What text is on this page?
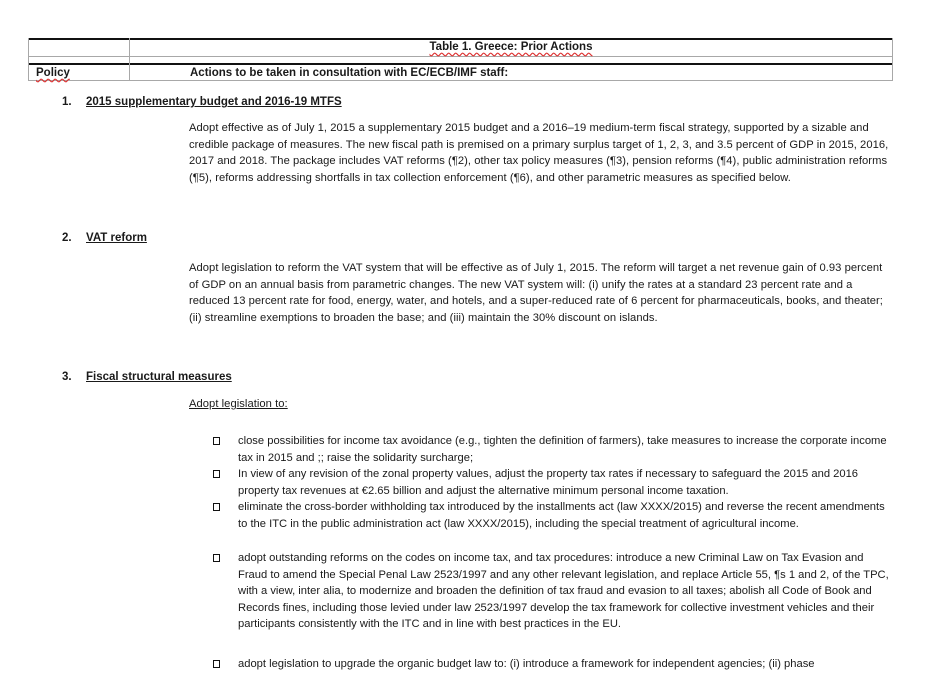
Table 1. Greece: Prior Actions
Policy	Actions to be taken in consultation with EC/ECB/IMF staff:
1. 2015 supplementary budget and 2016-19 MTFS
Adopt effective as of July 1, 2015 a supplementary 2015 budget and a 2016–19 medium-term fiscal strategy, supported by a sizable and credible package of measures. The new fiscal path is premised on a primary surplus target of 1, 2, 3, and 3.5 percent of GDP in 2015, 2016, 2017 and 2018. The package includes VAT reforms (¶2), other tax policy measures (¶3), pension reforms (¶4), public administration reforms (¶5), reforms addressing shortfalls in tax collection enforcement (¶6), and other parametric measures as specified below.
2. VAT reform
Adopt legislation to reform the VAT system that will be effective as of July 1, 2015. The reform will target a net revenue gain of 0.93 percent of GDP on an annual basis from parametric changes. The new VAT system will: (i) unify the rates at a standard 23 percent rate and a reduced 13 percent rate for food, energy, water, and hotels, and a super-reduced rate of 6 percent for pharmaceuticals, books, and theater; (ii) streamline exemptions to broaden the base; and (iii) maintain the 30% discount on islands.
3. Fiscal structural measures
Adopt legislation to:
close possibilities for income tax avoidance (e.g., tighten the definition of farmers), take measures to increase the corporate income tax in 2015 and ;; raise the solidarity surcharge;
In view of any revision of the zonal property values, adjust the property tax rates if necessary to safeguard the 2015 and 2016 property tax revenues at €2.65 billion and adjust the alternative minimum personal income taxation.
eliminate the cross-border withholding tax introduced by the installments act (law XXXX/2015) and reverse the recent amendments to the ITC in the public administration act (law XXXX/2015), including the special treatment of agricultural income.
adopt outstanding reforms on the codes on income tax, and tax procedures: introduce a new Criminal Law on Tax Evasion and Fraud to amend the Special Penal Law 2523/1997 and any other relevant legislation, and replace Article 55, ¶s 1 and 2, of the TPC, with a view, inter alia, to modernize and broaden the definition of tax fraud and evasion to all taxes; abolish all Code of Book and Records fines, including those levied under law 2523/1997 develop the tax framework for collective investment vehicles and their participants consistently with the ITC and in line with best practices in the EU.
adopt legislation to upgrade the organic budget law to: (i) introduce a framework for independent agencies; (ii) phase
